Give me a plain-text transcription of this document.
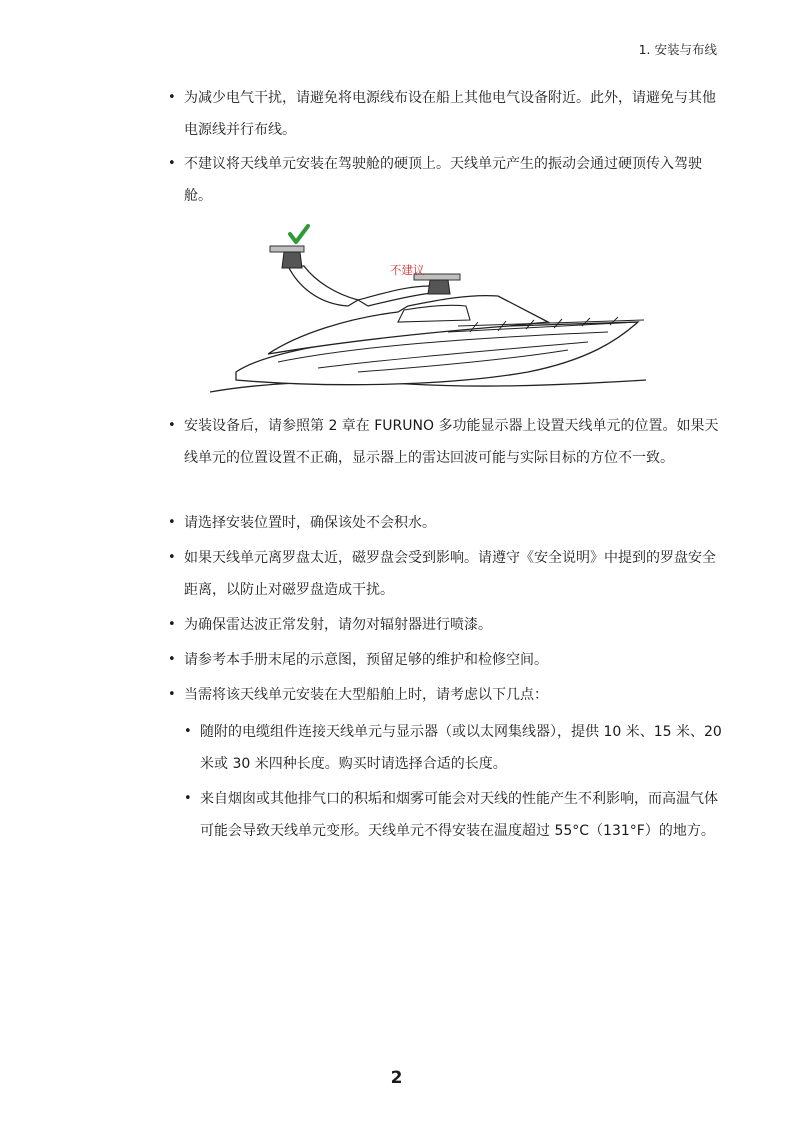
1. 安装与布线
• 为减少电气干扰，请避免将电源线布设在船上其他电气设备附近。此外，请避免与其他电源线并行布线。
• 不建议将天线单元安装在驾驶舱的硬顶上。天线单元产生的振动会通过硬顶传入驾驶舱。
• 安装设备后，请参照第 2 章在 FURUNO 多功能显示器上设置天线单元的位置。如果天线单元的位置设置不正确，显示器上的雷达回波可能与实际目标的方位不一致。
• 请选择安装位置时，确保该处不会积水。
• 如果天线单元离罗盘太近，磁罗盘会受到影响。请遵守《安全说明》中提到的罗盘安全距离，以防止对磁罗盘造成干扰。
• 为确保雷达波正常发射，请勿对辐射器进行喷漆。
• 请参考本手册末尾的示意图，预留足够的维护和检修空间。
• 当需将该天线单元安装在大型船舶上时，请考虑以下几点：
• 随附的电缆组件连接天线单元与显示器（或以太网集线器），提供 10 米、15 米、20 米或 30 米四种长度。购买时请选择合适的长度。
• 来自烟囱或其他排气口的积垢和烟雾可能会对天线的性能产生不利影响，而高温气体可能会导致天线单元变形。天线单元不得安装在温度超过 55°C（131°F）的地方。
不建议
2
